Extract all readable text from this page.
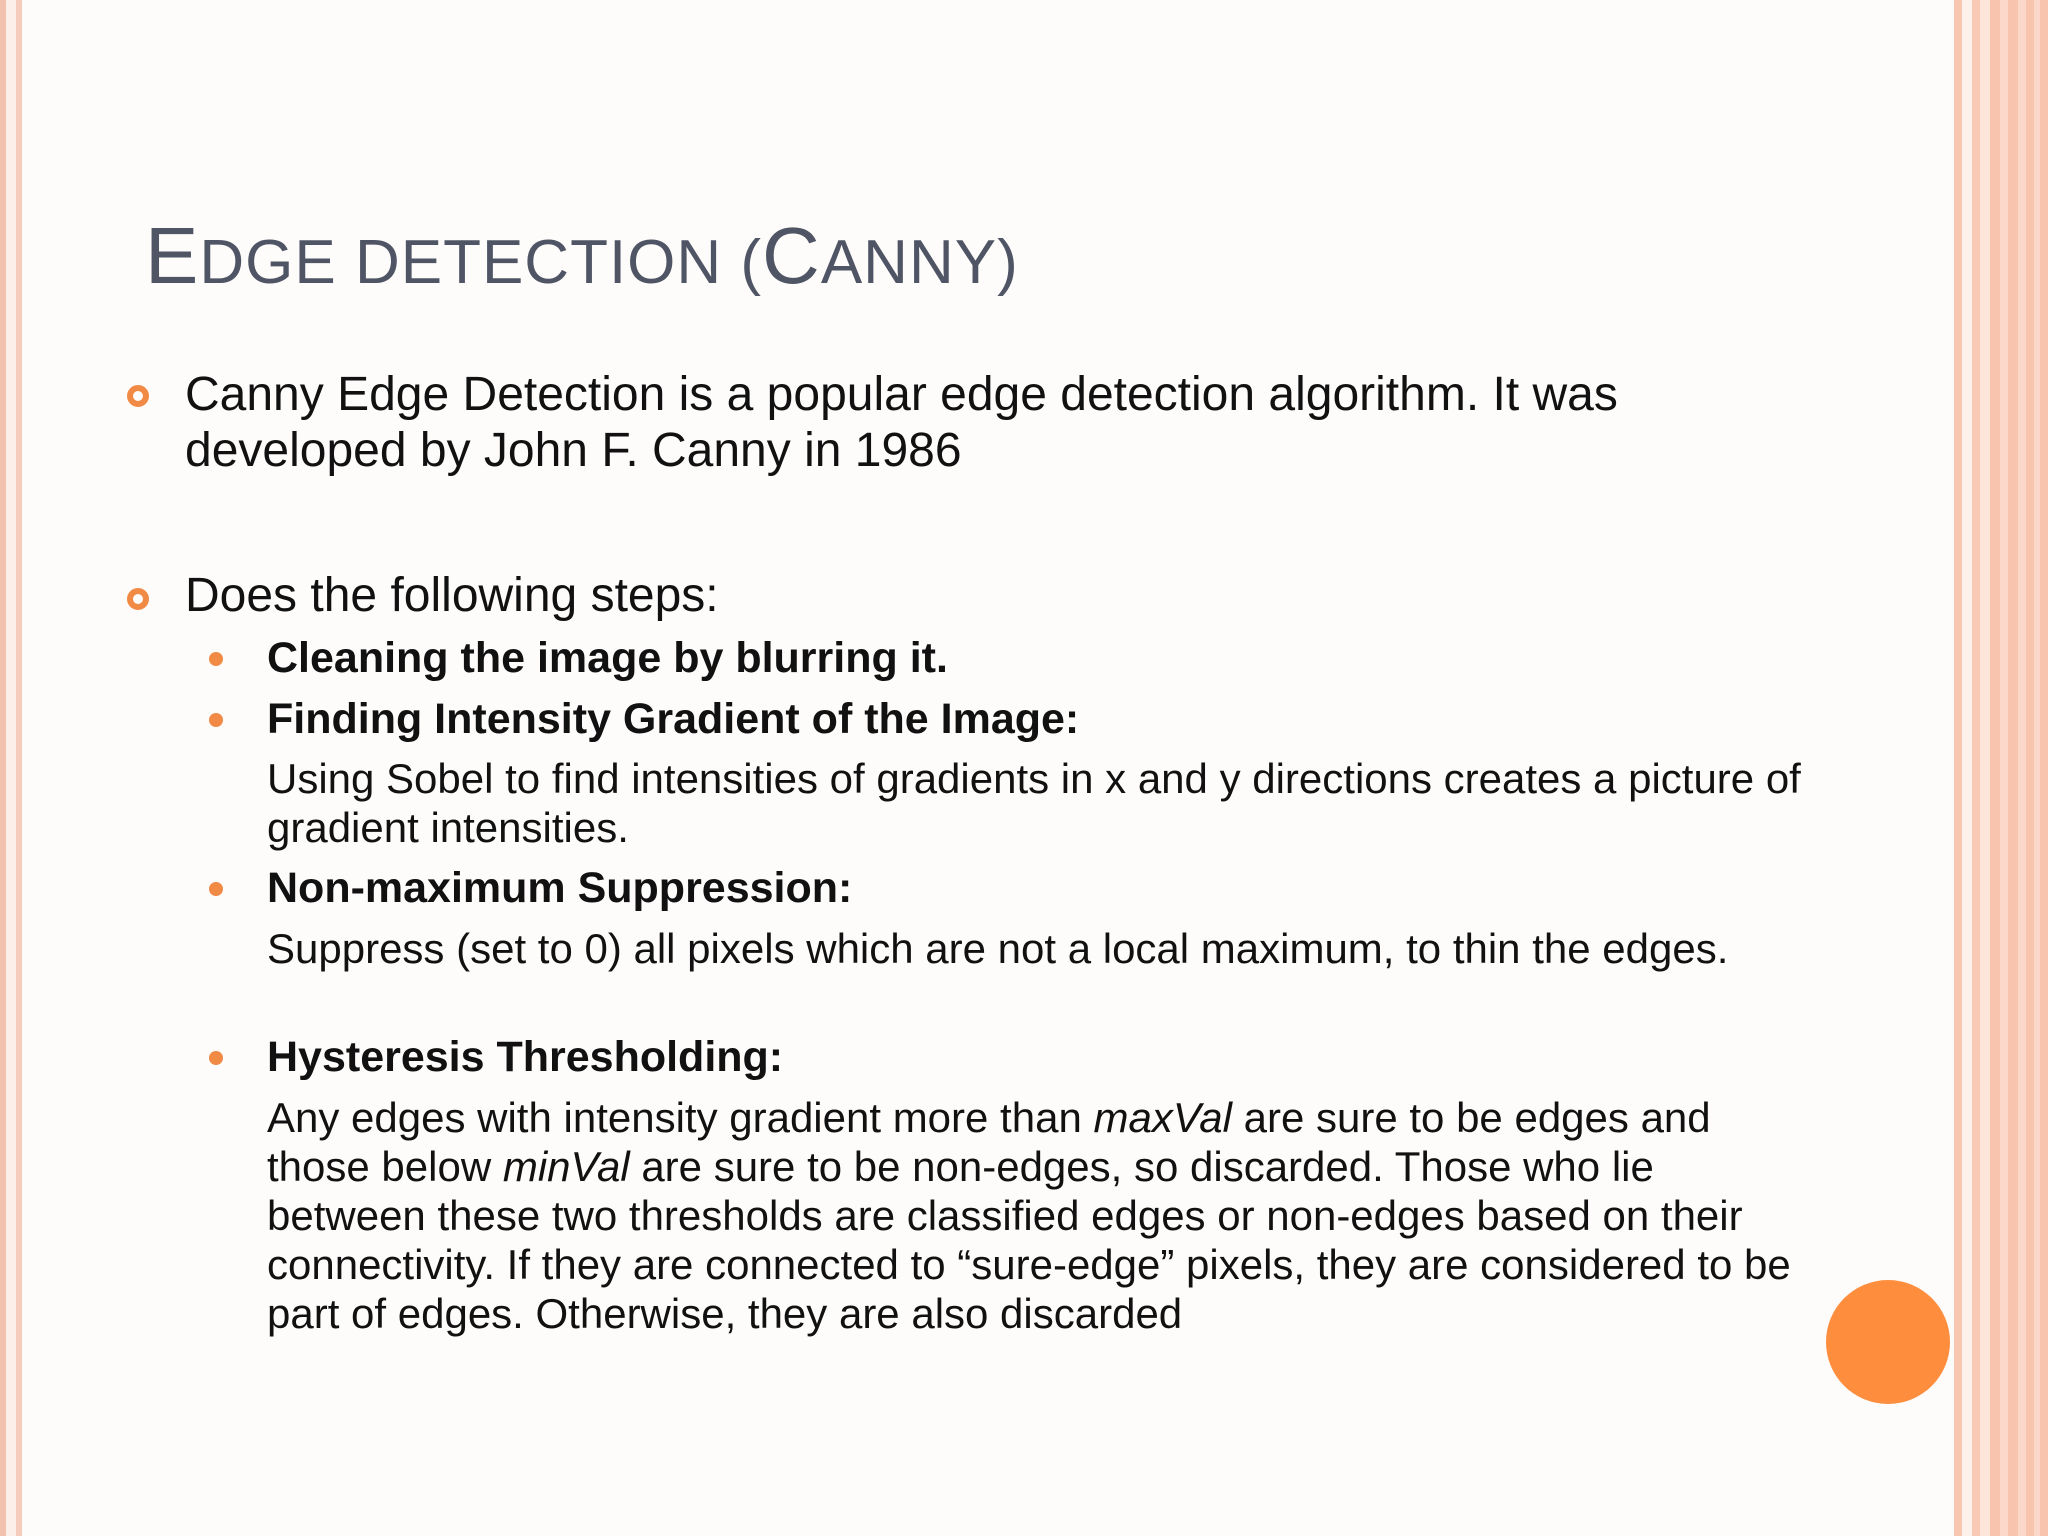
EDGE DETECTION (CANNY)
Canny Edge Detection is a popular edge detection algorithm. It was developed by John F. Canny in 1986
Does the following steps:
Cleaning the image by blurring it.
Finding Intensity Gradient of the Image:
Using Sobel to find intensities of gradients in x and y directions creates a picture of gradient intensities.
Non-maximum Suppression:
Suppress (set to 0) all pixels which are not a local maximum, to thin the edges.
Hysteresis Thresholding:
Any edges with intensity gradient more than maxVal are sure to be edges and those below minVal are sure to be non-edges, so discarded. Those who lie between these two thresholds are classified edges or non-edges based on their connectivity. If they are connected to “sure-edge” pixels, they are considered to be part of edges. Otherwise, they are also discarded
